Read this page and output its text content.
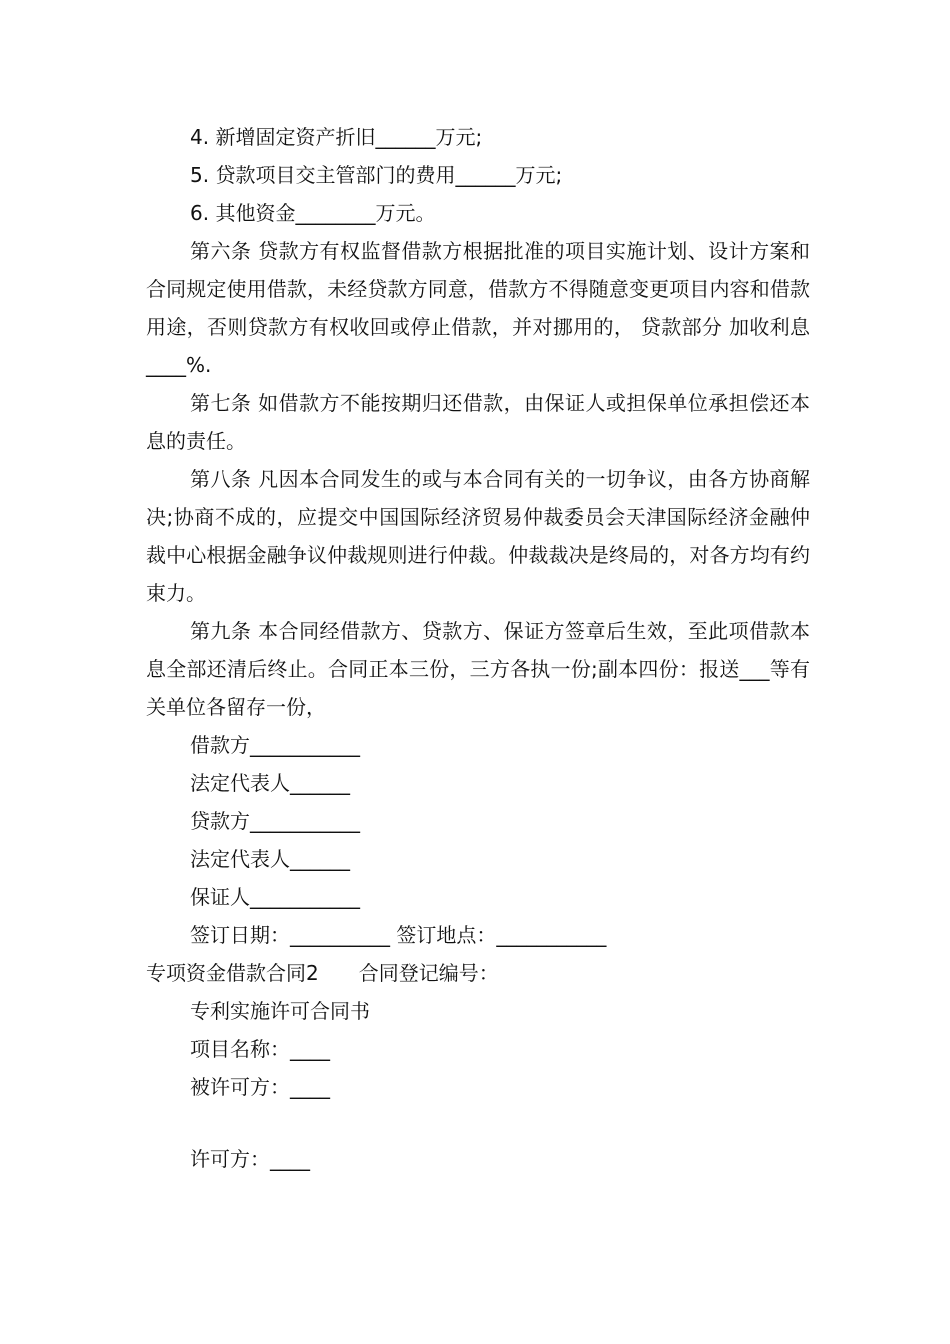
4. 新增固定资产折旧______万元;
5. 贷款项目交主管部门的费用______万元;
6. 其他资金________万元。
第六条 贷款方有权监督借款方根据批准的项目实施计划、设计方案和合同规定使用借款，未经贷款方同意，借款方不得随意变更项目内容和借款用途，否则贷款方有权收回或停止借款，并对挪用的， 贷款部分 加收利息____%.
第七条 如借款方不能按期归还借款，由保证人或担保单位承担偿还本息的责任。
第八条 凡因本合同发生的或与本合同有关的一切争议，由各方协商解决;协商不成的，应提交中国国际经济贸易仲裁委员会天津国际经济金融仲裁中心根据金融争议仲裁规则进行仲裁。仲裁裁决是终局的，对各方均有约束力。
第九条 本合同经借款方、贷款方、保证方签章后生效，至此项借款本息全部还清后终止。合同正本三份，三方各执一份;副本四份：报送___等有关单位各留存一份，
借款方___________
法定代表人______
贷款方___________
法定代表人______
保证人___________
签订日期：__________ 签订地点：___________
专项资金借款合同2　　合同登记编号：
专利实施许可合同书
项目名称：____
被许可方：____
许可方：____
